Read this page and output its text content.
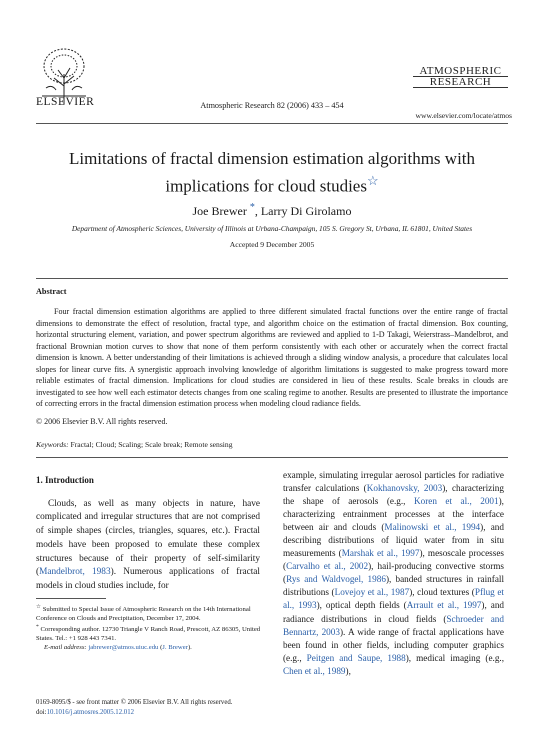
ELSEVIER	Atmospheric Research 82 (2006) 433 – 454
ATMOSPHERIC
RESEARCH
www.elsevier.com/locate/atmos
Limitations of fractal dimension estimation algorithms with
implications for cloud studies☆
Joe Brewer *, Larry Di Girolamo
Department of Atmospheric Sciences, University of Illinois at Urbana-Champaign, 105 S. Gregory St, Urbana, IL 61801, United States
Accepted 9 December 2005
Abstract

Four fractal dimension estimation algorithms are applied to three different simulated fractal functions over the entire range of fractal dimensions to demonstrate the effect of resolution, fractal type, and algorithm choice on the estimation of fractal dimension. Box counting, horizontal structuring element, variation, and power spectrum algorithms are reviewed and applied to 1-D Takagi, Weierstrass–Mandelbrot, and fractional Brownian motion curves to show that none of them perform consistently with each other or accurately when the correct fractal dimension is known. A better understanding of their limitations is achieved through a sliding window analysis, a procedure that calculates local slopes for linear curve fits. A synergistic approach involving knowledge of algorithm limitations is suggested to make progress toward more reliable estimates of fractal dimension. Implications for cloud studies are considered in lieu of these results. Scale breaks in clouds are investigated to see how well each estimator detects changes from one scaling regime to another. Results are presented to illustrate the importance of correcting errors in the fractal dimension estimation process when modeling cloud radiance fields.

© 2006 Elsevier B.V. All rights reserved.
Keywords: Fractal; Cloud; Scaling; Scale break; Remote sensing
1. Introduction

Clouds, as well as many objects in nature, have complicated and irregular structures that are not comprised of simple shapes (circles, triangles, squares, etc.). Fractal models have been proposed to emulate these complex structures because of their property of self-similarity (Mandelbrot, 1983). Numerous applications of fractal models in cloud studies include, for

example, simulating irregular aerosol particles for radiative transfer calculations (Kokhanovsky, 2003), characterizing the shape of aerosols (e.g., Koren et al., 2001), characterizing entrainment processes at the interface between air and clouds (Malinowski et al., 1994), and describing distributions of liquid water from in situ measurements (Marshak et al., 1997), mesoscale processes (Carvalho et al., 2002), hail-producing convective storms (Rys and Waldvogel, 1986), banded structures in rainfall distributions (Lovejoy et al., 1987), cloud textures (Pflug et al., 1993), optical depth fields (Arrault et al., 1997), and radiance distributions in cloud fields (Schroeder and Bennartz, 2003). A wide range of fractal applications have been found in other fields, including computer graphics (e.g., Peitgen and Saupe, 1988), medical imaging (e.g., Chen et al., 1989),

☆ Submitted to Special Issue of Atmospheric Research on the 14th International Conference on Clouds and Precipitation, December 17, 2004.

* Corresponding author. 12730 Triangle V Ranch Road, Prescott, AZ 86305, United States. Tel.: +1 928 443 7341.

E-mail address: jabrewer@atmos.uiuc.edu (J. Brewer).

0169-8095/$ - see front matter © 2006 Elsevier B.V. All rights reserved.
doi:10.1016/j.atmosres.2005.12.012
